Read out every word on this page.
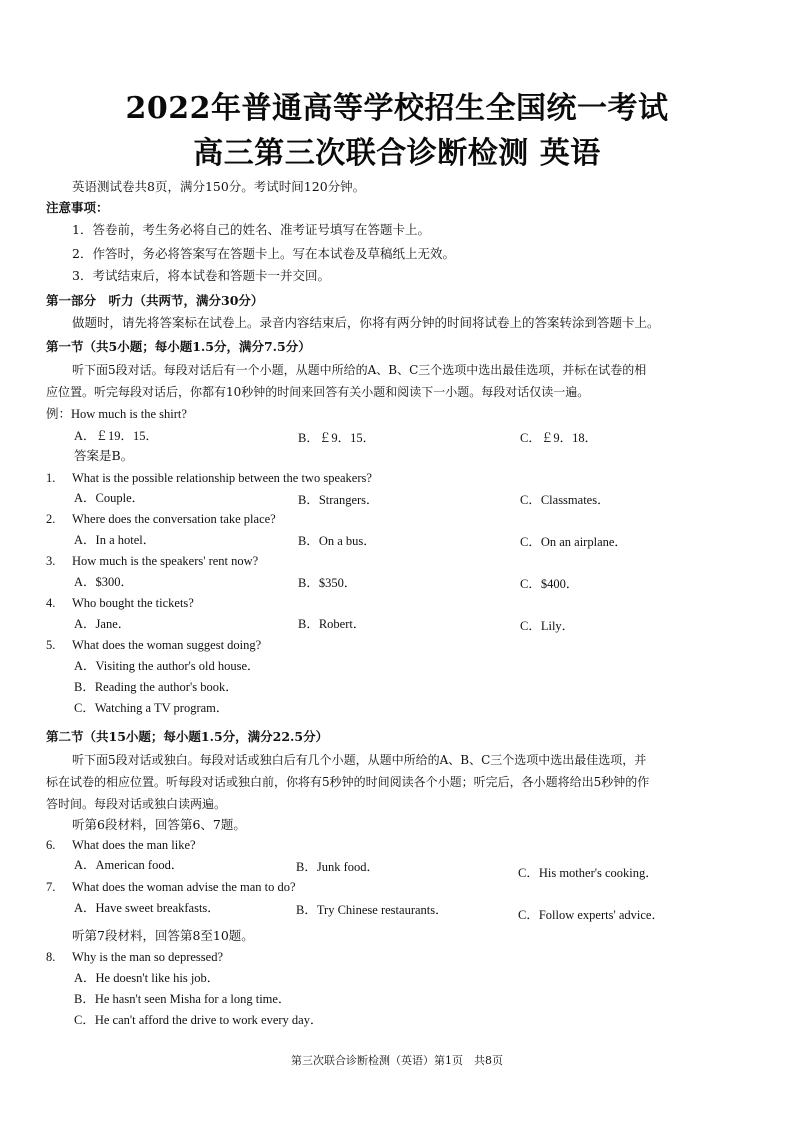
2022年普通高等学校招生全国统一考试
高三第三次联合诊断检测 英语
英语测试卷共8页，满分150分。考试时间120分钟。
注意事项：
1．答卷前，考生务必将自己的姓名、准考证号填写在答题卡上。
2．作答时，务必将答案写在答题卡上。写在本试卷及草稿纸上无效。
3．考试结束后，将本试卷和答题卡一并交回。
第一部分　听力（共两节，满分30分）
做题时，请先将答案标在试卷上。录音内容结束后，你将有两分钟的时间将试卷上的答案转涂到答题卡上。
第一节（共5小题；每小题1.5分，满分7.5分）
听下面5段对话。每段对话后有一个小题，从题中所给的A、B、C三个选项中选出最佳选项，并标在试卷的相
应位置。听完每段对话后，你都有10秒钟的时间来回答有关小题和阅读下一小题。每段对话仅读一遍。
例：How much is the shirt?
A．￡19．15．	B．￡9．15．	C．￡9．18．
答案是B。
1. What is the possible relationship between the two speakers?
A．Couple．	B．Strangers．	C．Classmates．
2. Where does the conversation take place?
A．In a hotel．	B．On a bus．	C．On an airplane．
3. How much is the speakers' rent now?
A．$300．	B．$350．	C．$400．
4. Who bought the tickets?
A．Jane．	B．Robert．	C．Lily．
5. What does the woman suggest doing?
A．Visiting the author's old house．
B．Reading the author's book．
C．Watching a TV program．
第二节（共15小题；每小题1.5分，满分22.5分）
听下面5段对话或独白。每段对话或独白后有几个小题，从题中所给的A、B、C三个选项中选出最佳选项，并
标在试卷的相应位置。听每段对话或独白前，你将有5秒钟的时间阅读各个小题；听完后，各小题将给出5秒钟的作
答时间。每段对话或独白读两遍。
听第6段材料，回答第6、7题。
6. What does the man like?
A．American food．	B．Junk food．	C．His mother's cooking．
7. What does the woman advise the man to do?
A．Have sweet breakfasts．	B．Try Chinese restaurants．	C．Follow experts' advice．
听第7段材料，回答第8至10题。
8. Why is the man so depressed?
A．He doesn't like his job．
B．He hasn't seen Misha for a long time．
C．He can't afford the drive to work every day．
第三次联合诊断检测（英语）第1页　共8页
